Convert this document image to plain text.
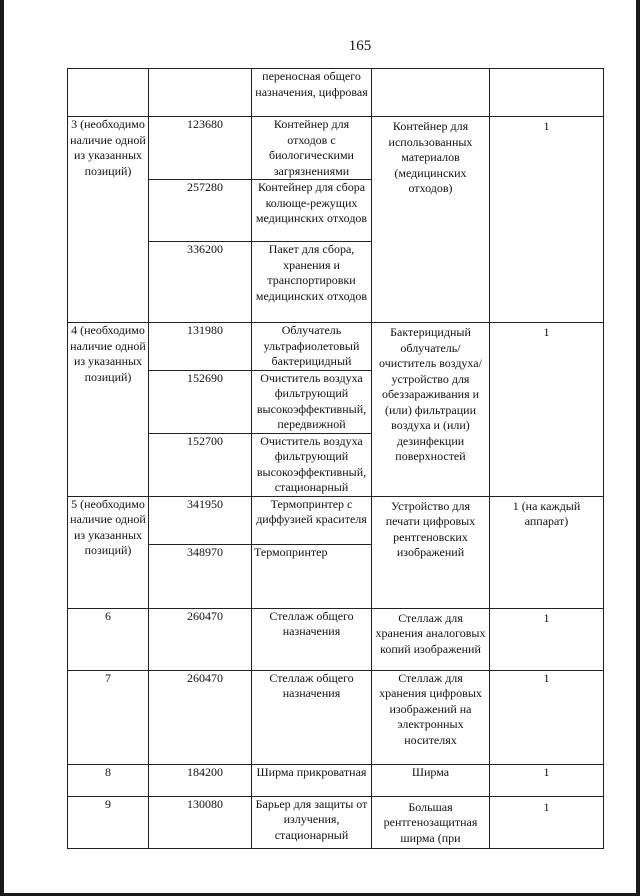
165
		переносная общего назначения, цифровая		
3 (необходимо наличие одной из указанных позиций)	123680	Контейнер для отходов с биологическими загрязнениями	Контейнер для использованных материалов (медицинских отходов)	1
	257280	Контейнер для сбора колюще-режущих медицинских отходов		
	336200	Пакет для сбора, хранения и транспортировки медицинских отходов		
4 (необходимо наличие одной из указанных позиций)	131980	Облучатель ультрафиолетовый бактерицидный	Бактерицидный облучатель/ очиститель воздуха/ устройство для обеззараживания и (или) фильтрации воздуха и (или) дезинфекции поверхностей	1
	152690	Очиститель воздуха фильтрующий высокоэффективный, передвижной		
	152700	Очиститель воздуха фильтрующий высокоэффективный, стационарный		
5 (необходимо наличие одной из указанных позиций)	341950	Термопринтер с диффузией красителя	Устройство для печати цифровых рентгеновских изображений	1 (на каждый аппарат)
	348970	Термопринтер		
6	260470	Стеллаж общего назначения	Стеллаж для хранения аналоговых копий изображений	1
7	260470	Стеллаж общего назначения	Стеллаж для хранения цифровых изображений на электронных носителях	1
8	184200	Ширма прикроватная	Ширма	1
9	130080	Барьер для защиты от излучения, стационарный	Большая рентгенозащитная ширма (при	1
